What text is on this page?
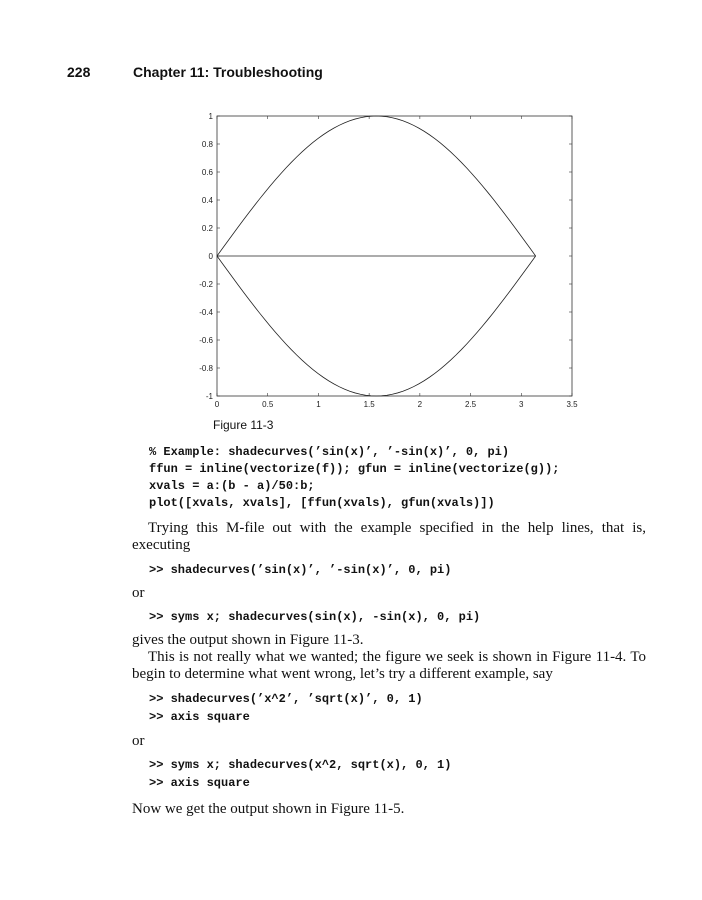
228	Chapter 11: Troubleshooting
0	0.5	1	1.5	2	2.5	3	3.5
-1
-0.8
-0.6
-0.4
-0.2
0
0.2
0.4
0.6
0.8
1
Figure 11-3
% Example: shadecurves(’sin(x)’, ’-sin(x)’, 0, pi)
ffun = inline(vectorize(f)); gfun = inline(vectorize(g));
xvals = a:(b - a)/50:b;
plot([xvals, xvals], [ffun(xvals), gfun(xvals)])
Trying this M-file out with the example specified in the help lines, that is, executing
>> shadecurves(’sin(x)’, ’-sin(x)’, 0, pi)
or
>> syms x; shadecurves(sin(x), -sin(x), 0, pi)
gives the output shown in Figure 11-3.
This is not really what we wanted; the figure we seek is shown in Figure 11-4. To begin to determine what went wrong, let’s try a different example, say
>> shadecurves(’x^2’, ’sqrt(x)’, 0, 1)
>> axis square
or
>> syms x; shadecurves(x^2, sqrt(x), 0, 1)
>> axis square
Now we get the output shown in Figure 11-5.
